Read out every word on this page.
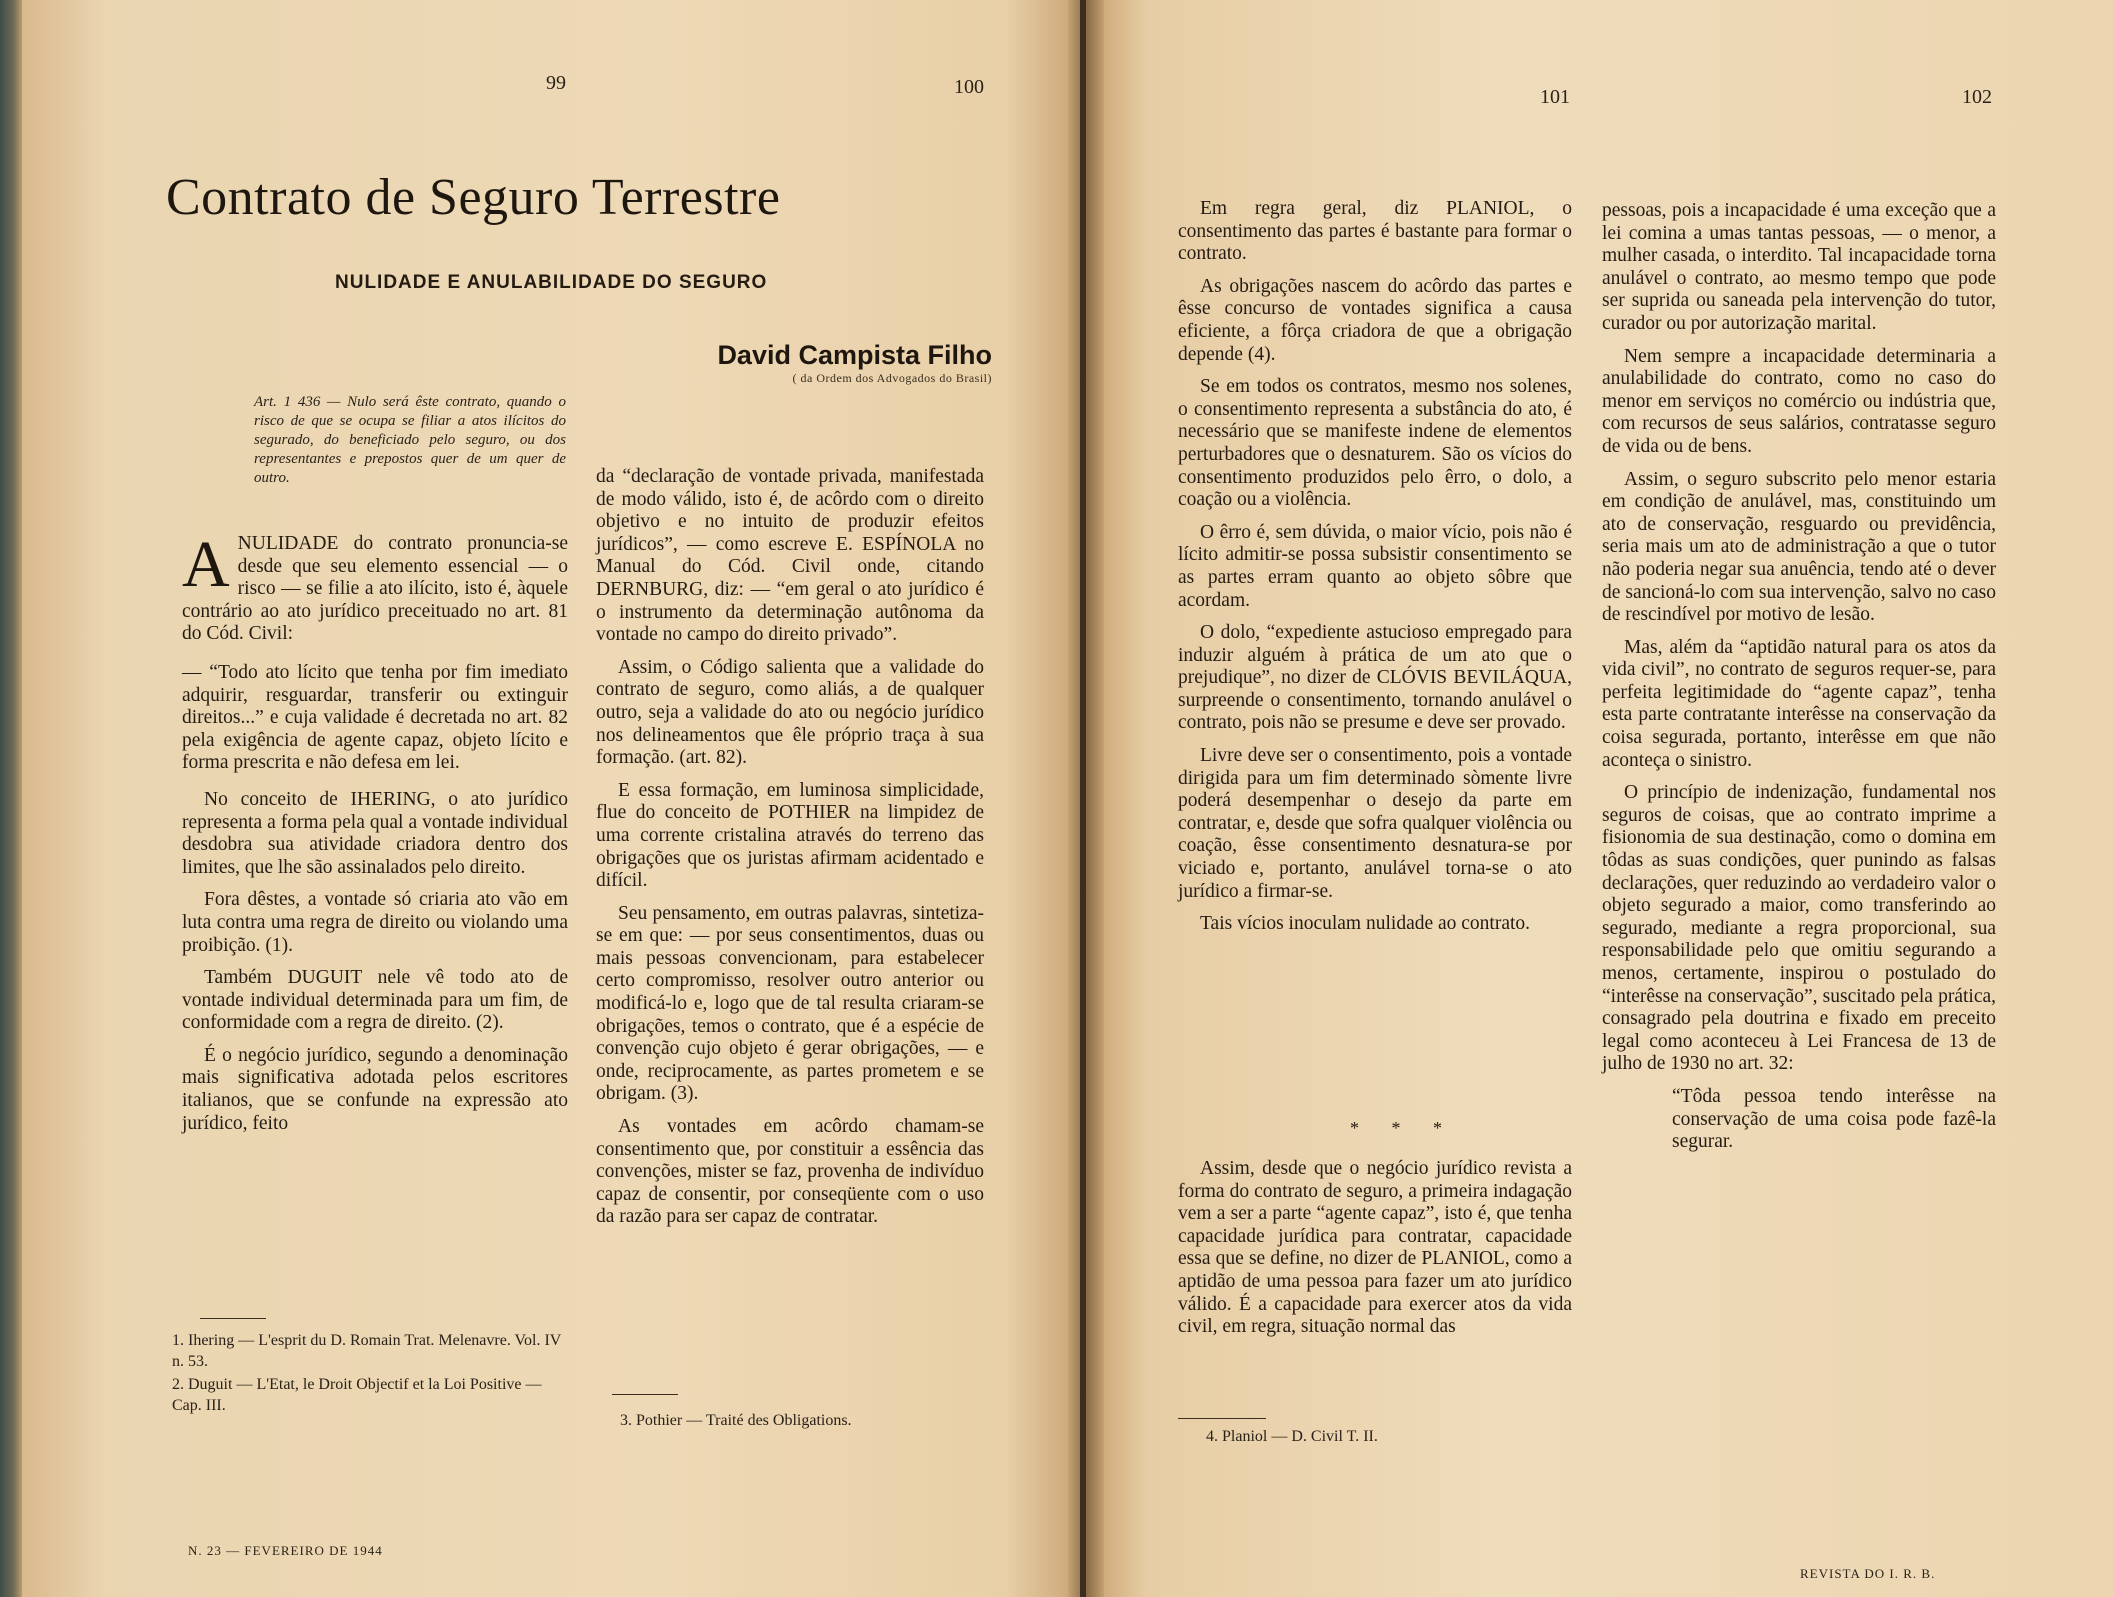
99	100	101	102
Contrato de Seguro Terrestre
NULIDADE E ANULABILIDADE DO SEGURO
David Campista Filho
( da Ordem dos Advogados do Brasil)
Art. 1 436 — Nulo será êste contrato, quando o risco de que se ocupa se filiar a atos ilícitos do segurado, do beneficiado pelo seguro, ou dos representantes e prepostos quer de um quer de outro.

ANULIDADE do contrato pronuncia-se desde que seu elemento essencial — o risco — se filie a ato ilícito, isto é, àquele contrário ao ato jurídico preceituado no art. 81 do Cód. Civil:

— “Todo ato lícito que tenha por fim imediato adquirir, resguardar, transferir ou extinguir direitos...” e cuja validade é decretada no art. 82 pela exigência de agente capaz, objeto lícito e forma prescrita e não defesa em lei.

No conceito de IHERING, o ato jurídico representa a forma pela qual a vontade individual desdobra sua atividade criadora dentro dos limites, que lhe são assinalados pelo direito.

Fora dêstes, a vontade só criaria ato vão em luta contra uma regra de direito ou violando uma proibição. (1).

Também DUGUIT nele vê todo ato de vontade individual determinada para um fim, de conformidade com a regra de direito. (2).

É o negócio jurídico, segundo a denominação mais significativa adotada pelos escritores italianos, que se confunde na expressão ato jurídico, feito

da “declaração de vontade privada, manifestada de modo válido, isto é, de acôrdo com o direito objetivo e no intuito de produzir efeitos jurídicos”, — como escreve E. ESPÍNOLA no Manual do Cód. Civil onde, citando DERNBURG, diz: — “em geral o ato jurídico é o instrumento da determinação autônoma da vontade no campo do direito privado”.

Assim, o Código salienta que a validade do contrato de seguro, como aliás, a de qualquer outro, seja a validade do ato ou negócio jurídico nos delineamentos que êle próprio traça à sua formação. (art. 82).

E essa formação, em luminosa simplicidade, flue do conceito de POTHIER na limpidez de uma corrente cristalina através do terreno das obrigações que os juristas afirmam acidentado e difícil.

Seu pensamento, em outras palavras, sintetiza-se em que: — por seus consentimentos, duas ou mais pessoas convencionam, para estabelecer certo compromisso, resolver outro anterior ou modificá-lo e, logo que de tal resulta criaram-se obrigações, temos o contrato, que é a espécie de convenção cujo objeto é gerar obrigações, — e onde, reciprocamente, as partes prometem e se obrigam. (3).

As vontades em acôrdo chamam-se consentimento que, por constituir a essência das convenções, mister se faz, provenha de indivíduo capaz de consentir, por conseqüente com o uso da razão para ser capaz de contratar.

Em regra geral, diz PLANIOL, o consentimento das partes é bastante para formar o contrato.

As obrigações nascem do acôrdo das partes e êsse concurso de vontades significa a causa eficiente, a fôrça criadora de que a obrigação depende (4).

Se em todos os contratos, mesmo nos solenes, o consentimento representa a substância do ato, é necessário que se manifeste indene de elementos perturbadores que o desnaturem. São os vícios do consentimento produzidos pelo êrro, o dolo, a coação ou a violência.

O êrro é, sem dúvida, o maior vício, pois não é lícito admitir-se possa subsistir consentimento se as partes erram quanto ao objeto sôbre que acordam.

O dolo, “expediente astucioso empregado para induzir alguém à prática de um ato que o prejudique”, no dizer de CLÓVIS BEVILÁQUA, surpreende o consentimento, tornando anulável o contrato, pois não se presume e deve ser provado.

Livre deve ser o consentimento, pois a vontade dirigida para um fim determinado sòmente livre poderá desempenhar o desejo da parte em contratar, e, desde que sofra qualquer violência ou coação, êsse consentimento desnatura-se por viciado e, portanto, anulável torna-se o ato jurídico a firmar-se.

Tais vícios inoculam nulidade ao contrato.

* * *

Assim, desde que o negócio jurídico revista a forma do contrato de seguro, a primeira indagação vem a ser a parte “agente capaz”, isto é, que tenha capacidade jurídica para contratar, capacidade essa que se define, no dizer de PLANIOL, como a aptidão de uma pessoa para fazer um ato jurídico válido. É a capacidade para exercer atos da vida civil, em regra, situação normal das

pessoas, pois a incapacidade é uma exceção que a lei comina a umas tantas pessoas, — o menor, a mulher casada, o interdito. Tal incapacidade torna anulável o contrato, ao mesmo tempo que pode ser suprida ou saneada pela intervenção do tutor, curador ou por autorização marital.

Nem sempre a incapacidade determinaria a anulabilidade do contrato, como no caso do menor em serviços no comércio ou indústria que, com recursos de seus salários, contratasse seguro de vida ou de bens.

Assim, o seguro subscrito pelo menor estaria em condição de anulável, mas, constituindo um ato de conservação, resguardo ou previdência, seria mais um ato de administração a que o tutor não poderia negar sua anuência, tendo até o dever de sancioná-lo com sua intervenção, salvo no caso de rescindível por motivo de lesão.

Mas, além da “aptidão natural para os atos da vida civil”, no contrato de seguros requer-se, para perfeita legitimidade do “agente capaz”, tenha esta parte contratante interêsse na conservação da coisa segurada, portanto, interêsse em que não aconteça o sinistro.

O princípio de indenização, fundamental nos seguros de coisas, que ao contrato imprime a fisionomia de sua destinação, como o domina em tôdas as suas condições, quer punindo as falsas declarações, quer reduzindo ao verdadeiro valor o objeto segurado a maior, como transferindo ao segurado, mediante a regra proporcional, sua responsabilidade pelo que omitiu segurando a menos, certamente, inspirou o postulado do “interêsse na conservação”, suscitado pela prática, consagrado pela doutrina e fixado em preceito legal como aconteceu à Lei Francesa de 13 de julho de 1930 no art. 32:

“Tôda pessoa tendo interêsse na conservação de uma coisa pode fazê-la segurar.

1. Ihering — L'esprit du D. Romain Trat. Melenavre. Vol. IV n. 53.
2. Duguit — L'Etat, le Droit Objectif et la Loi Positive — Cap. III.
3. Pothier — Traité des Obligations.
4. Planiol — D. Civil T. II.
N. 23 — FEVEREIRO DE 1944
REVISTA DO I. R. B.
